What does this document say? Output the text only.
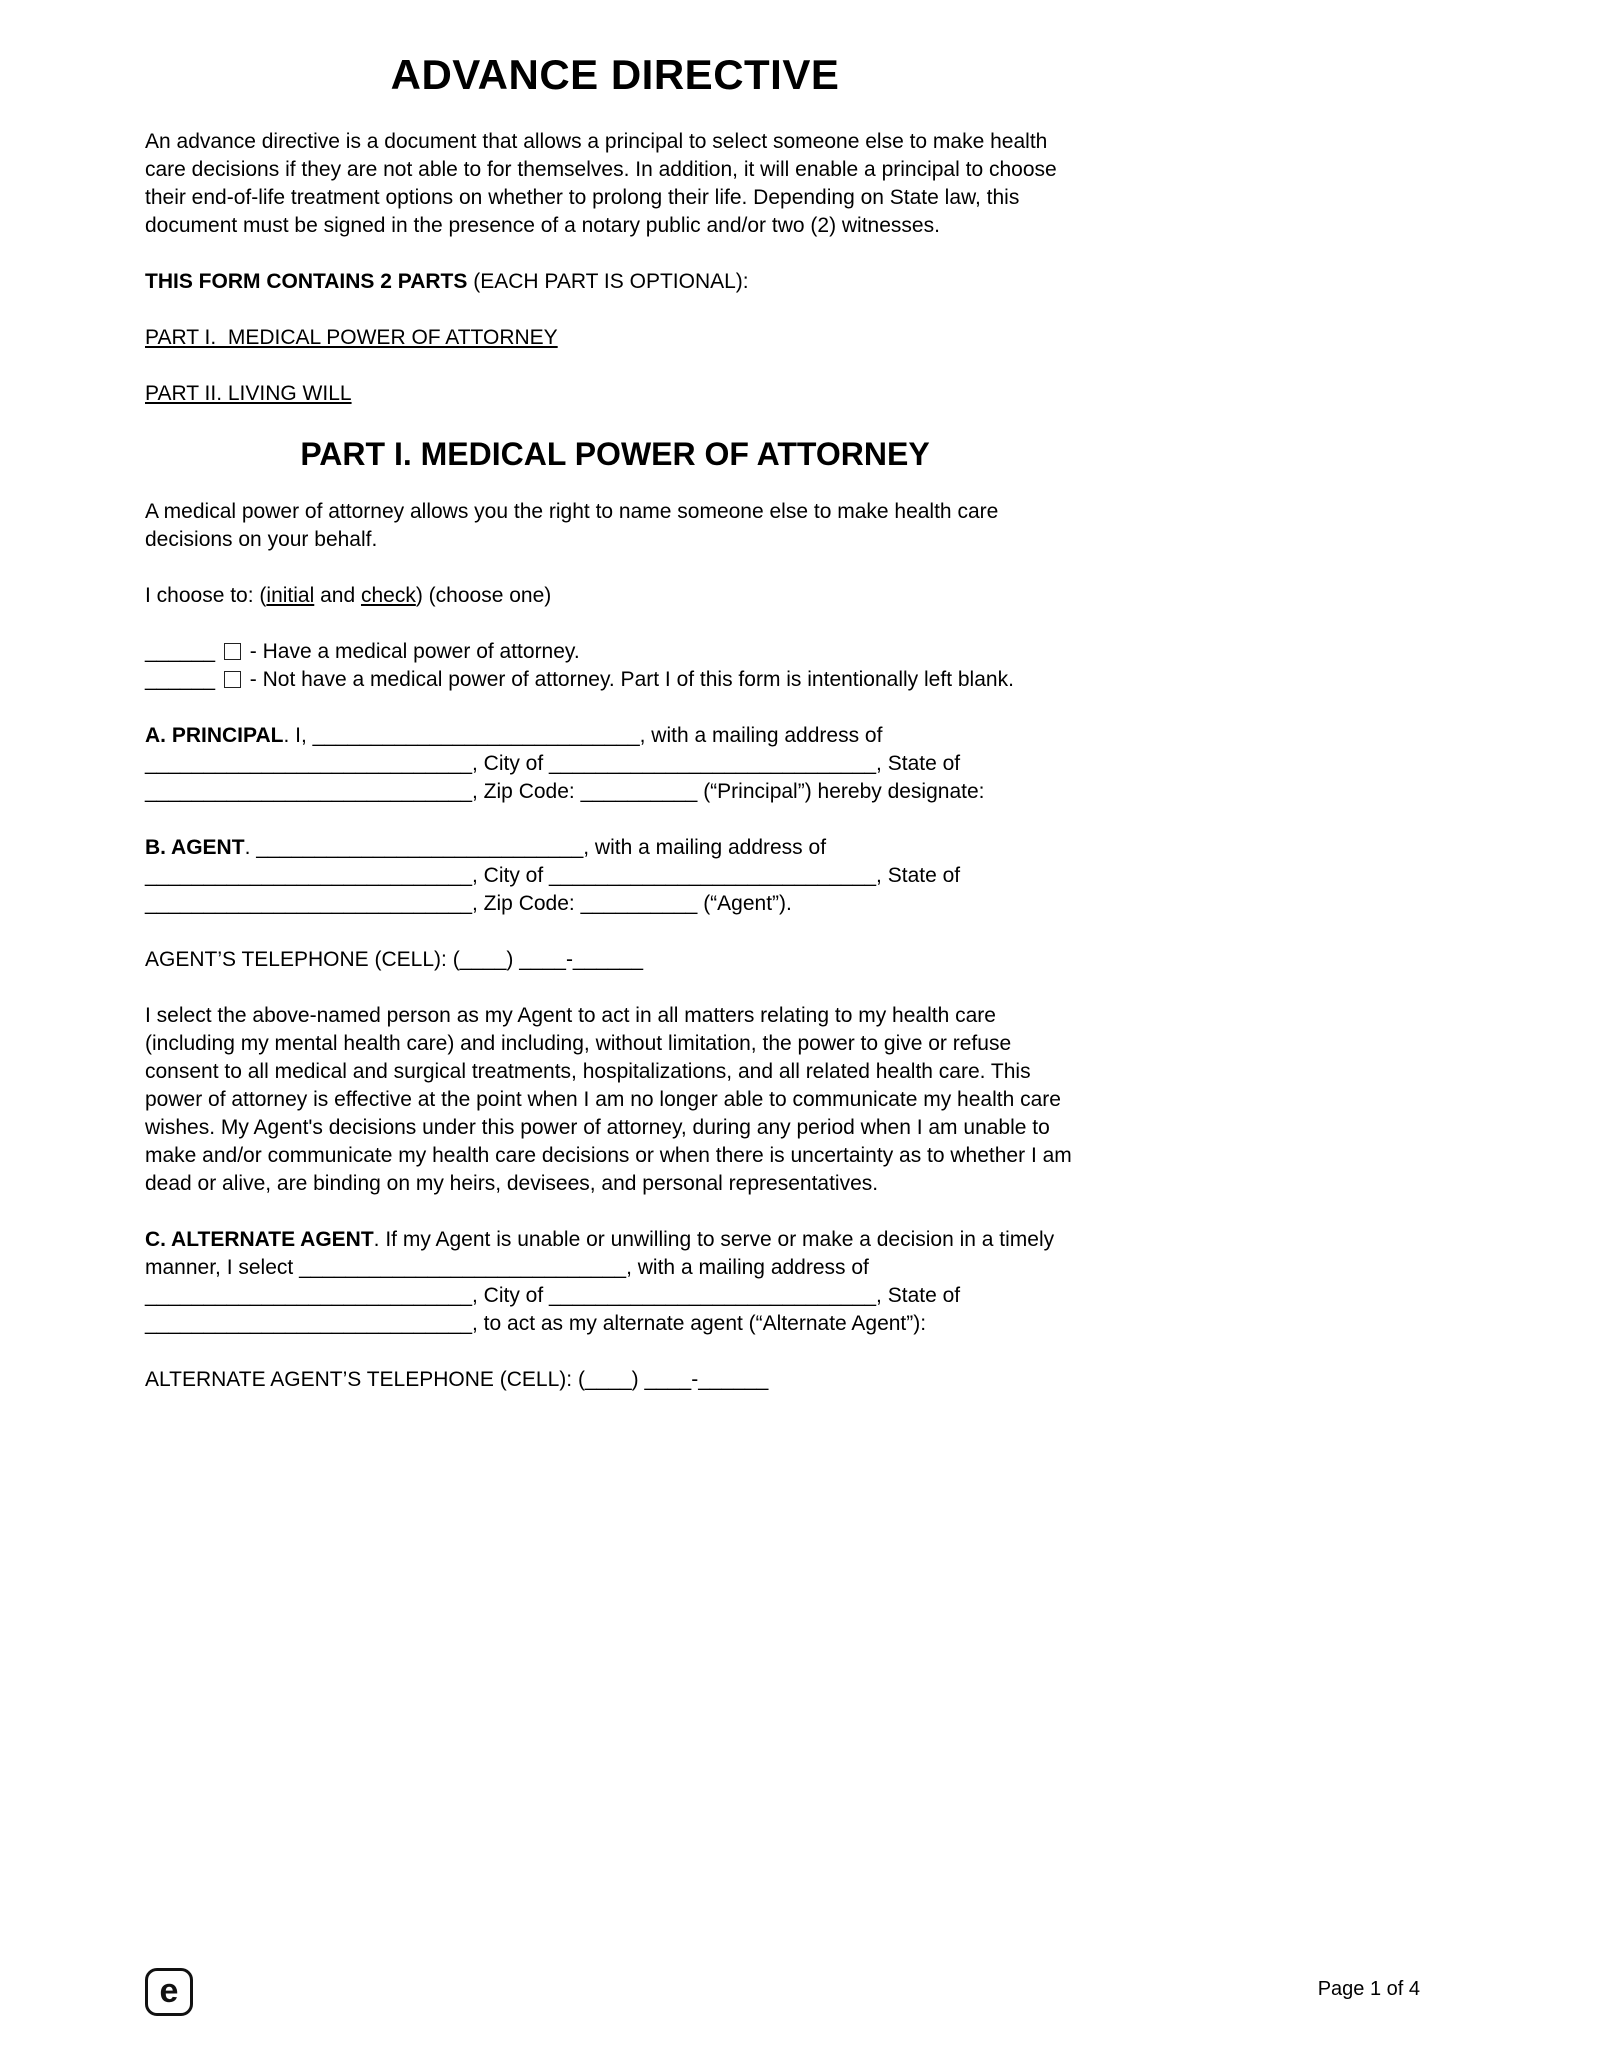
ADVANCE DIRECTIVE

An advance directive is a document that allows a principal to select someone else to make health care decisions if they are not able to for themselves. In addition, it will enable a principal to choose their end-of-life treatment options on whether to prolong their life. Depending on State law, this document must be signed in the presence of a notary public and/or two (2) witnesses.

THIS FORM CONTAINS 2 PARTS (EACH PART IS OPTIONAL):

PART I.  MEDICAL POWER OF ATTORNEY

PART II. LIVING WILL

PART I. MEDICAL POWER OF ATTORNEY

A medical power of attorney allows you the right to name someone else to make health care decisions on your behalf.

I choose to: (initial and check) (choose one)

______ - Have a medical power of attorney.
______ - Not have a medical power of attorney. Part I of this form is intentionally left blank.

A. PRINCIPAL. I, ____________________________, with a mailing address of ____________________________, City of ____________________________, State of ____________________________, Zip Code: __________ (“Principal”) hereby designate:

B. AGENT. ____________________________, with a mailing address of ____________________________, City of ____________________________, State of ____________________________, Zip Code: __________ (“Agent”).

AGENT’S TELEPHONE (CELL): (____) ____-______

I select the above-named person as my Agent to act in all matters relating to my health care (including my mental health care) and including, without limitation, the power to give or refuse consent to all medical and surgical treatments, hospitalizations, and all related health care. This power of attorney is effective at the point when I am no longer able to communicate my health care wishes. My Agent's decisions under this power of attorney, during any period when I am unable to make and/or communicate my health care decisions or when there is uncertainty as to whether I am dead or alive, are binding on my heirs, devisees, and personal representatives.

C. ALTERNATE AGENT. If my Agent is unable or unwilling to serve or make a decision in a timely manner, I select ____________________________, with a mailing address of ____________________________, City of ____________________________, State of ____________________________, to act as my alternate agent (“Alternate Agent”):

ALTERNATE AGENT’S TELEPHONE (CELL): (____) ____-______

e	Page 1 of 4
